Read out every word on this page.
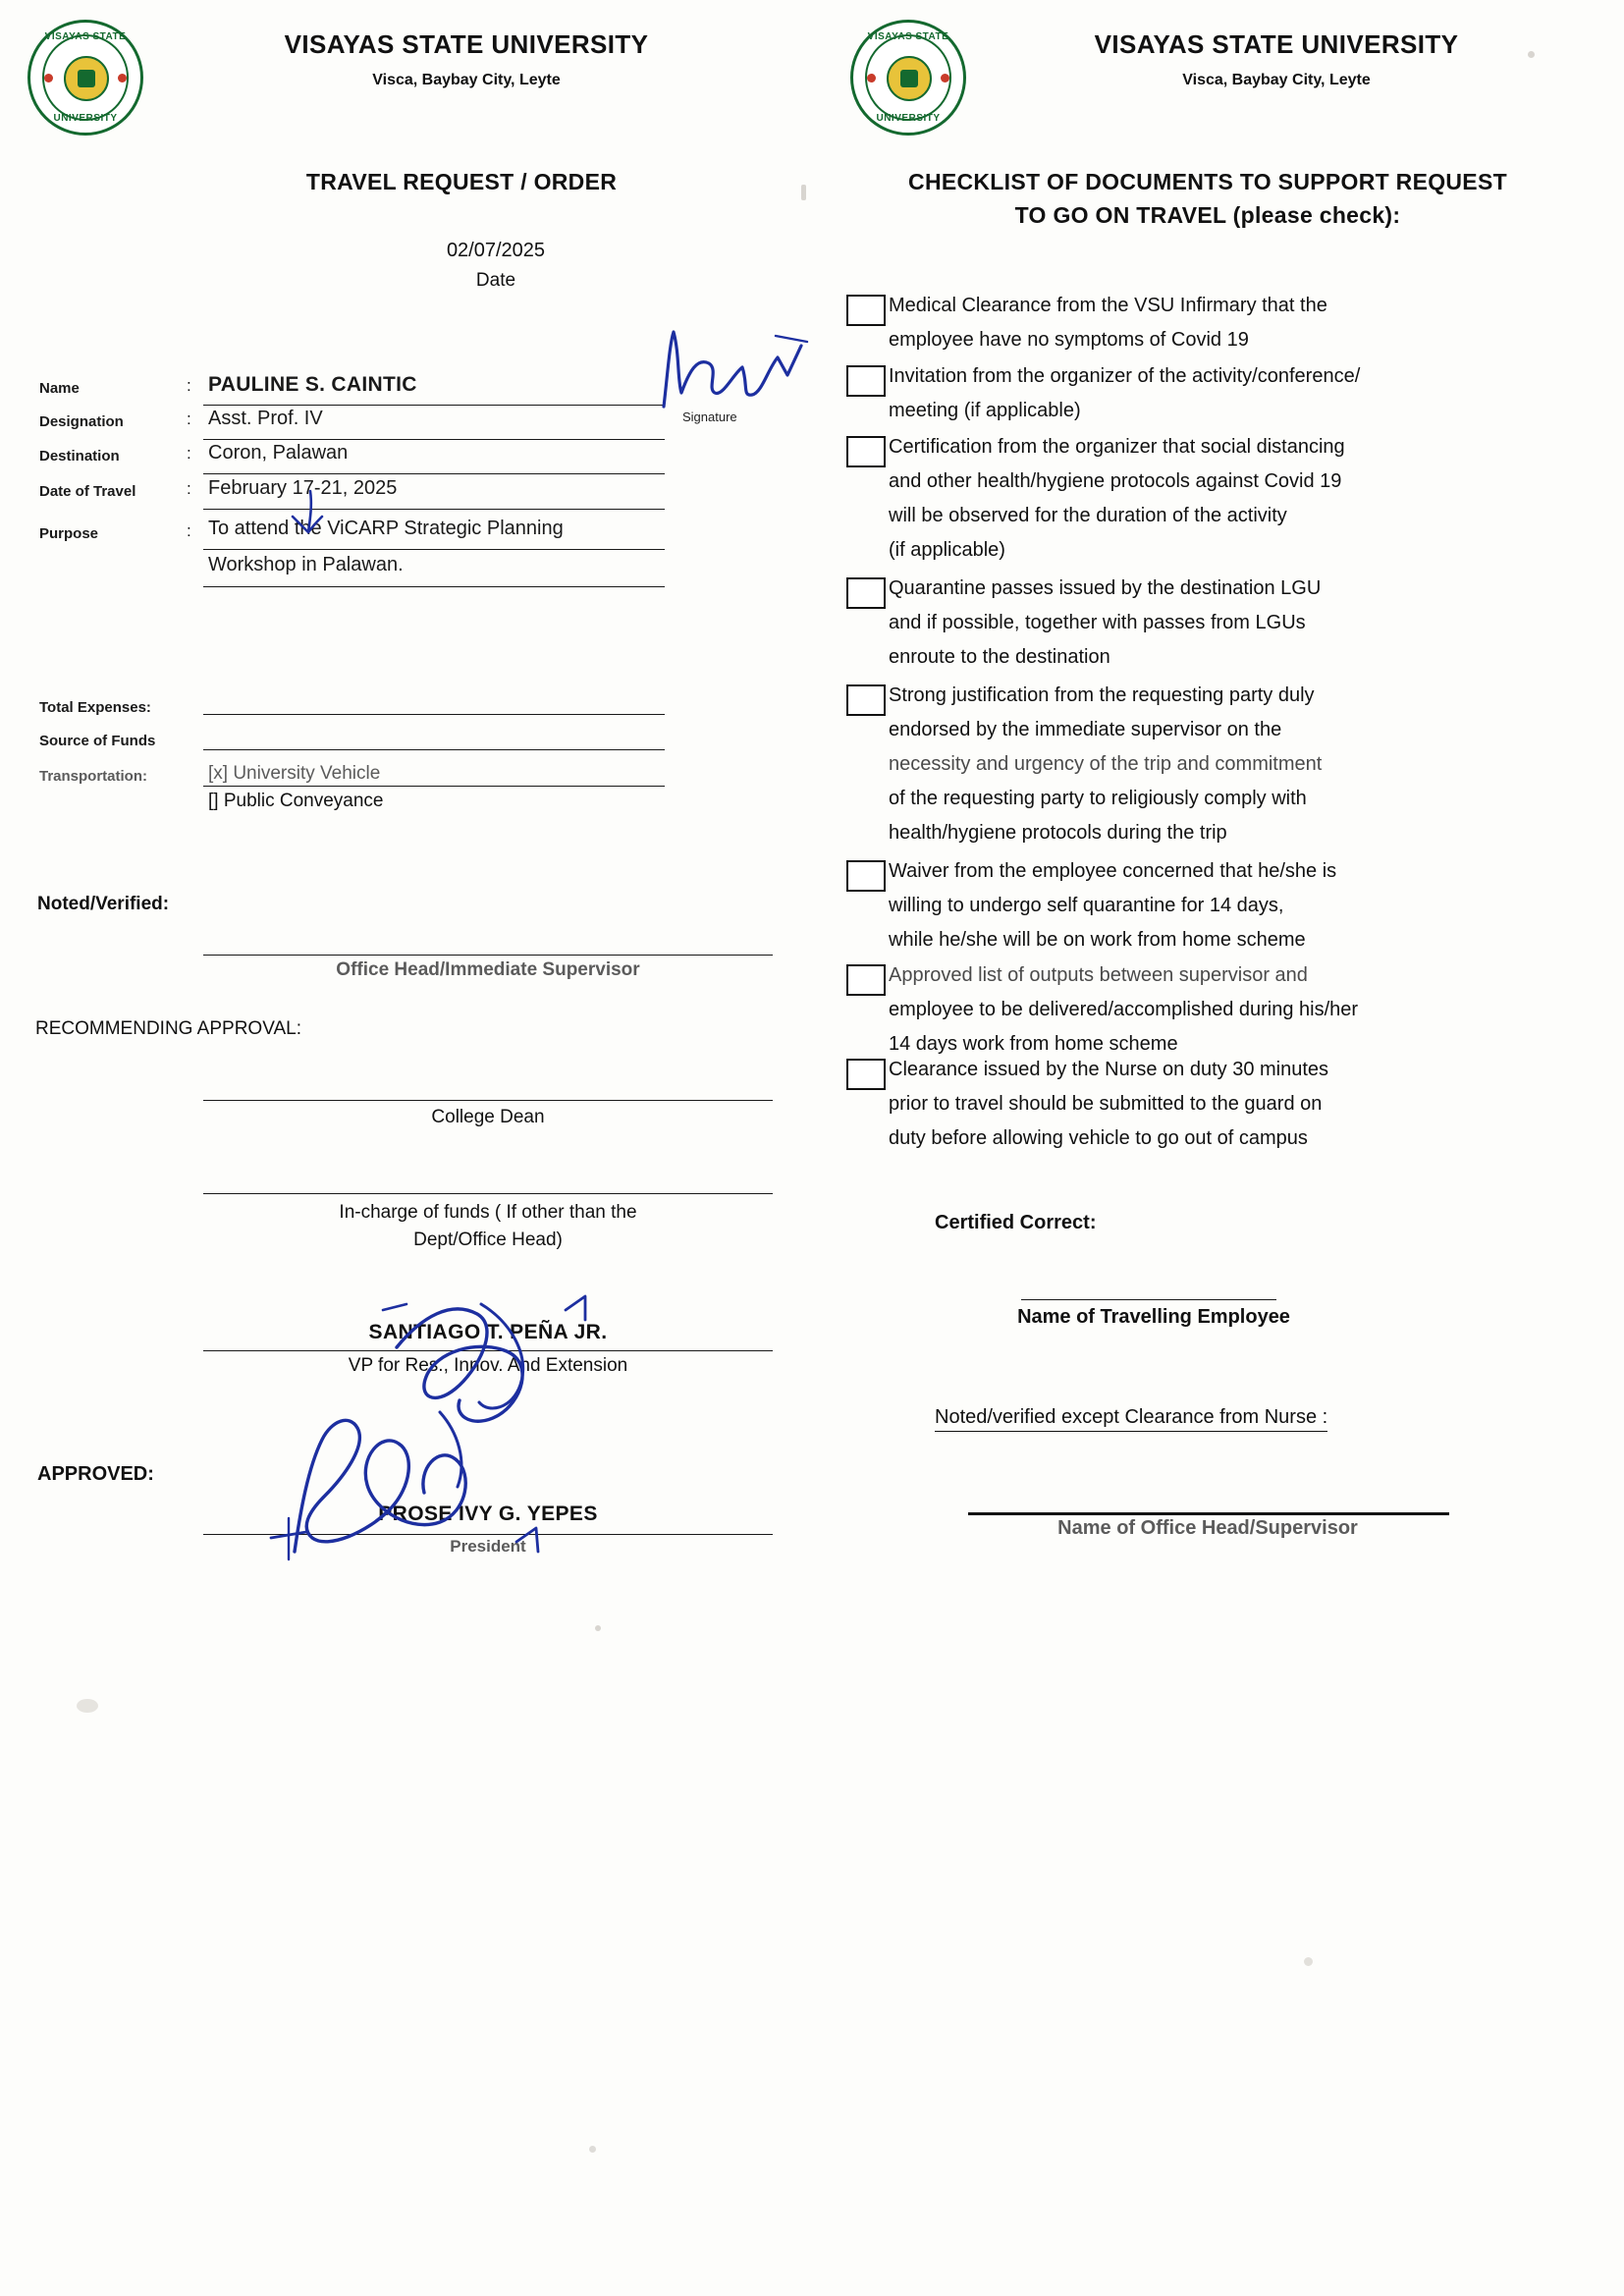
VISAYAS STATE
UNIVERSITY
VISAYAS STATE UNIVERSITY
Visca, Baybay City, Leyte
TRAVEL REQUEST / ORDER
02/07/2025
Date
Name	: PAULINE S. CAINTIC
Designation	: Asst. Prof. IV
Destination	: Coron, Palawan
Date of Travel	: February 17-21, 2025
Purpose	: To attend the ViCARP Strategic Planning
Workshop in Palawan.
Signature
Total Expenses:
Source of Funds
Transportation:	[x] University Vehicle
[] Public Conveyance
Noted/Verified:
Office Head/Immediate Supervisor
RECOMMENDING APPROVAL:
College Dean
In-charge of funds ( If other than the
Dept/Office Head)
SANTIAGO T. PEÑA JR.
VP for Res., Innov. And Extension
APPROVED:
PROSE IVY G. YEPES
President
VISAYAS STATE
UNIVERSITY
VISAYAS STATE UNIVERSITY
Visca, Baybay City, Leyte
CHECKLIST OF DOCUMENTS TO SUPPORT REQUEST
TO GO ON TRAVEL (please check):
Medical Clearance from the VSU Infirmary that the
employee have no symptoms of Covid 19
Invitation from the organizer of the activity/conference/
meeting (if applicable)
Certification from the organizer that social distancing
and other health/hygiene protocols against Covid 19
will be observed for the duration of the activity
(if applicable)
Quarantine passes issued by the destination LGU
and if possible, together with passes from LGUs
enroute to the destination
Strong justification from the requesting party duly
endorsed by the immediate supervisor on the
necessity and urgency of the trip and commitment
of the requesting party to religiously comply with
health/hygiene protocols during the trip
Waiver from the employee concerned that he/she is
willing to undergo self quarantine for 14 days,
while he/she will be on work from home scheme
Approved list of outputs between supervisor and
employee to be delivered/accomplished during his/her
14 days work from home scheme
Clearance issued by the Nurse on duty 30 minutes
prior to travel should be submitted to the guard on
duty before allowing vehicle to go out of campus
Certified Correct:
Name of Travelling Employee
Noted/verified except Clearance from Nurse :
Name of Office Head/Supervisor
